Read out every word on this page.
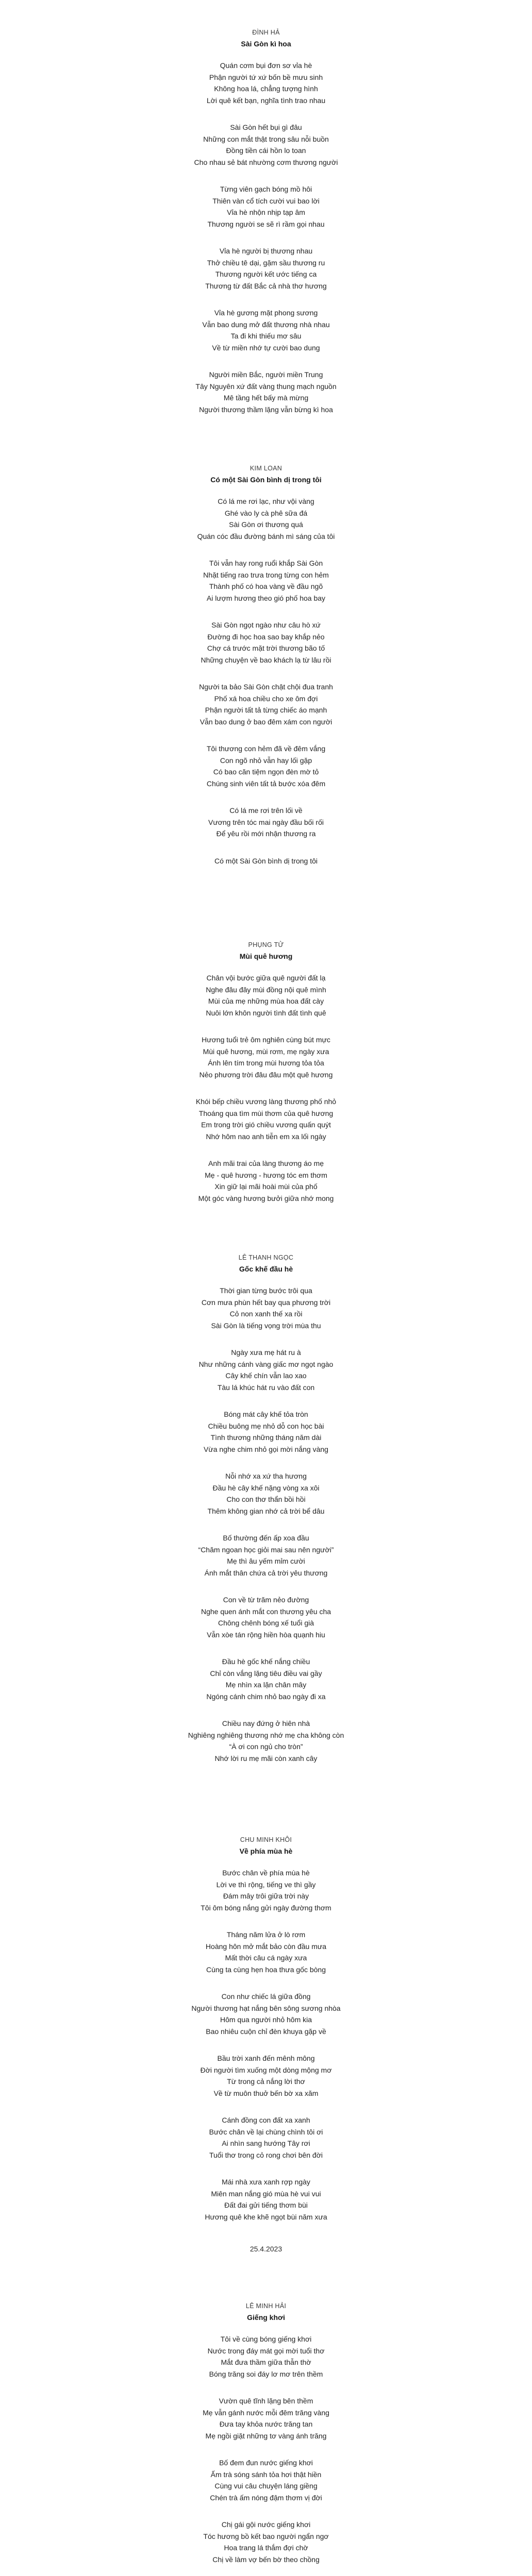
ĐÌNH HẢ
Sài Gòn kì hoa
Quán cơm bụi đơn sơ vỉa hè
Phận người tứ xứ bốn bề mưu sinh
Không hoa lá, chẳng tượng hình
Lời quê kết bạn, nghĩa tình trao nhau
Sài Gòn hết bụi gì đâu
Những con mắt thật trong sâu nỗi buồn
Đồng tiền cái hồn lo toan
Cho nhau sẻ bát nhường cơm thương người
Từng viên gạch bóng mồ hôi
Thiên vàn cổ tích cười vui bao lời
Vỉa hè nhộn nhịp tạp âm
Thương người se sẽ rì rầm gọi nhau
Vỉa hè người bị thương nhau
Thở chiều tê dại, gặm sầu thương ru
Thương người kết ước tiếng ca
Thương từ đất Bắc cả nhà thơ hương
Vỉa hè gương mặt phong sương
Vẫn bao dung mở đất thương nhà nhau
Ta đi khi thiếu mơ sâu
Về từ miền nhớ tự cười bao dung
Người miền Bắc, người miền Trung
Tây Nguyên xứ đất vàng thung mạch nguồn
Mê tầng hết bấy mà mừng
Người thương thầm lặng vẫn bừng kì hoa
KIM LOAN
Có một Sài Gòn bình dị trong tôi
Có lá me rơi lạc, như vội vàng
Ghé vào ly cà phê sữa đá
Sài Gòn ơi thương quá
Quán cóc đầu đường bánh mì sáng của tôi
Tôi vẫn hay rong ruổi khắp Sài Gòn
Nhặt tiếng rao trưa trong từng con hẻm
Thành phố có hoa vàng về đầu ngõ
Ai lượm hương theo gió phố hoa bay
Sài Gòn ngọt ngào như câu hò xứ
Đường đi học hoa sao bay khắp nẻo
Chợ cá trước mặt trời thương bão tố
Những chuyện về bao khách lạ từ lâu rồi
Người ta bảo Sài Gòn chật chội đua tranh
Phố xá hoa chiều cho xe ôm đợi
Phận người tất tả từng chiếc áo mạnh
Vẫn bao dung ở bao đêm xám con người
Tôi thương con hẻm đã về đêm vắng
Con ngõ nhỏ vẫn hay lối gặp
Có bao căn tiệm ngọn đèn mờ tỏ
Chúng sinh viên tất tả bước xóa đêm
Có lá me rơi trên lối về
Vương trên tóc mai ngày đầu bối rối
Để yêu rồi mới nhận thương ra
Có một Sài Gòn bình dị trong tôi
PHỤNG TỬ
Mùi quê hương
Chân vội bước giữa quê người đất lạ
Nghe đâu đây mùi đồng nội quê mình
Mùi của mẹ những mùa hoa đất cày
Nuôi lớn khôn người tình đất tình quê
Hương tuổi trẻ ôm nghiên cùng bút mực
Mùi quê hương, mùi rơm, mẹ ngày xưa
Ánh lên tím trong mùi hương tỏa tỏa
Nẻo phương trời đâu đâu một quê hương
Khói bếp chiều vương làng thương phố nhỏ
Thoáng qua tìm mùi thơm của quê hương
Em trong trời gió chiều vương quấn quýt
Nhớ hôm nao anh tiễn em xa lối ngày
Anh mãi trai của làng thương áo mẹ
Mẹ - quê hương - hương tóc em thơm
Xin giữ lại mãi hoài mùi của phố
Một góc vàng hương bưởi giữa nhớ mong
LÊ THANH NGỌC
Gốc khế đầu hè
Thời gian từng bước trôi qua
Cơn mưa phùn hết bay qua phương trời
Cỏ non xanh thế xa rồi
Sài Gòn là tiếng vọng trời mùa thu
Ngày xưa mẹ hát ru à
Như những cánh vàng giấc mơ ngọt ngào
Cây khế chín vẫn lao xao
Tàu lá khúc hát ru vào đất con
Bóng mát cây khế tỏa tròn
Chiều buông mẹ nhỏ dỗ con học bài
Tình thương những tháng năm dài
Vừa nghe chim nhỏ gọi mời nắng vàng
Nỗi nhớ xa xứ tha hương
Đầu hè cây khế nặng vòng xa xôi
Cho con thơ thẩn bồi hồi
Thêm không gian nhớ cả trời bể dâu
Bố thường đến ấp xoa đầu
“Chăm ngoan học giỏi mai sau nên người”
Mẹ thì âu yếm mỉm cười
Ánh mắt thân chứa cả trời yêu thương
Con về từ trăm nẻo đường
Nghe quen ánh mắt con thương yêu cha
Chông chênh bóng xế tuổi già
Vẫn xòe tán rộng hiền hòa quạnh hiu
Đầu hè gốc khế nắng chiều
Chỉ còn vắng lặng tiêu điều vai gầy
Mẹ nhìn xa lặn chân mây
Ngóng cánh chim nhỏ bao ngày đi xa
Chiều nay đứng ở hiên nhà
Nghiêng nghiêng thương nhớ mẹ cha không còn
“À ơi con ngủ cho tròn”
Nhớ lời ru mẹ mãi còn xanh cây
CHU MINH KHÔI
Về phía mùa hè
Bước chân về phía mùa hè
Lời ve thì rộng, tiếng ve thì gầy
Đám mây trôi giữa trời này
Tôi ôm bóng nắng gửi ngày đường thơm
Tháng năm lửa ở lò rơm
Hoàng hôn mở mắt bảo còn đầu mưa
Mất thời câu cá ngày xưa
Cùng ta cùng hẹn hoa thưa gốc bòng
Con như chiếc lá giữa đồng
Người thương hạt nắng bên sông sương nhòa
Hôm qua người nhỏ hôm kia
Bao nhiêu cuộn chỉ đèn khuya gặp về
Bầu trời xanh đến mênh mông
Đời người tìm xuống một dòng mộng mơ
Từ trong cả nắng lời thơ
Về từ muôn thuở bến bờ xa xăm
Cánh đồng con đất xa xanh
Bước chân về lại chùng chình tôi ơi
Ai nhìn sang hướng Tây rơi
Tuổi thơ trong cỏ rong chơi bên đời
Mái nhà xưa xanh rợp ngày
Miên man nắng gió mùa hè vui vui
Đất đai gửi tiếng thơm bùi
Hương quê khe khẽ ngọt bùi năm xưa
25.4.2023
LÊ MINH HẢI
Giếng khơi
Tôi về cùng bóng giếng khơi
Nước trong đáy mát gọi mời tuổi thơ
Mắt đưa thầm giữa thẫn thờ
Bóng trăng soi đáy lơ mơ trên thềm
Vườn quê tĩnh lặng bên thềm
Mẹ vẫn gánh nước mỗi đêm trăng vàng
Đưa tay khỏa nước trăng tan
Mẹ ngồi giặt những tơ vàng ánh trăng
Bố đem đun nước giếng khơi
Ấm trà sóng sánh tỏa hơi thật hiền
Cùng vui câu chuyện láng giềng
Chén trà ấm nóng đậm thơm vị đời
Chị gái gội nước giếng khơi
Tóc hương bồ kết bao người ngẩn ngơ
Hoa trang lá thắm đợi chờ
Chị về làm vợ bến bờ theo chồng
